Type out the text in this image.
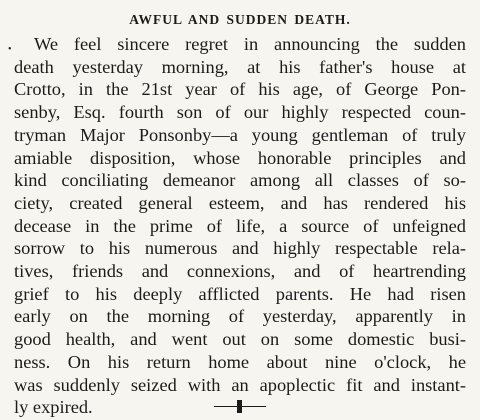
AWFUL AND SUDDEN DEATH.
•	We feel sincere regret in announcing the sudden
death yesterday morning, at his father's house at
Crotto, in the 21st year of his age, of George Pon-
senby, Esq. fourth son of our highly respected coun-
tryman Major Ponsonby—a young gentleman of truly
amiable disposition, whose honorable principles and
kind conciliating demeanor among all classes of so-
ciety, created general esteem, and has rendered his
decease in the prime of life, a source of unfeigned
sorrow to his numerous and highly respectable rela-
tives, friends and connexions, and of heartrending
grief to his deeply afflicted parents. He had risen
early on the morning of yesterday, apparently in
good health, and went out on some domestic busi-
ness. On his return home about nine o'clock, he
was suddenly seized with an apoplectic fit and instant-
ly expired.
